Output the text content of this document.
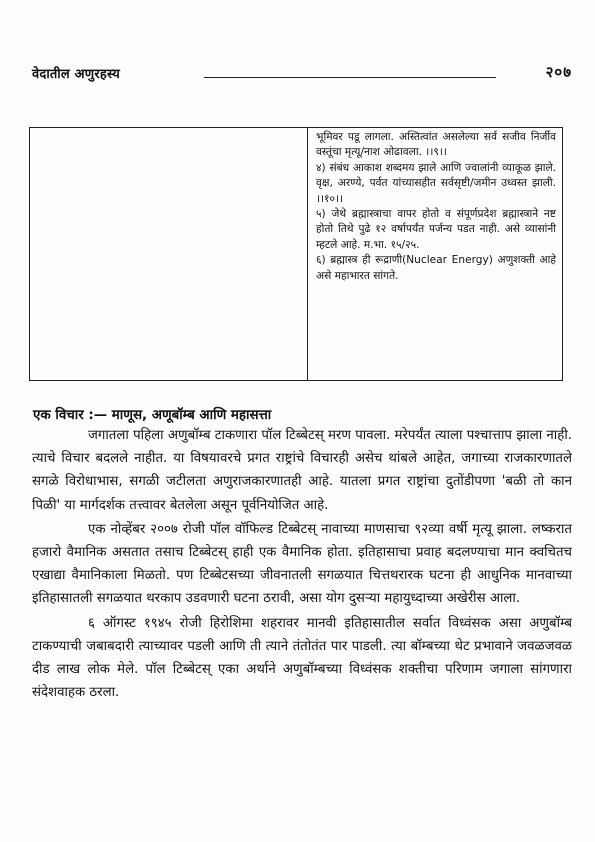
वेदातील अणुरहस्य	२०७

भूमिवर पडू लागला. अस्तित्वांत असलेल्या सर्व सजीव निर्जीव वस्तूंचा मृत्यू/नाश ओढावला. ।।९।।

४) संबंध आकाश शब्दमय झाले आणि ज्वालांनी व्याकूळ झाले. वृक्ष, अरण्ये, पर्वत यांच्यासहीत सर्वसृष्टी/जमीन उध्वस्त झाली. ।।१०।।

५) जेथे ब्रह्मास्त्राचा वापर होतो व संपूर्णप्रदेश ब्रह्मास्त्राने नष्ट होतो तिथे पुढे १२ वर्षापर्यंत पर्जन्य पडत नाही. असे व्यासांनी म्हटले आहे. म.भा. १५/२५.

६) ब्रह्मास्त्र ही रूद्राणी(Nuclear Energy) अणुशक्ती आहे असे महाभारत सांगते.

एक विचार :— माणूस, अणूबॉम्ब आणि महासत्ता

जगातला पहिला अणुबॉम्ब टाकणारा पॉल टिब्बेटस् मरण पावला. मरेपर्यंत त्याला पश्चात्ताप झाला नाही. त्याचे विचार बदलले नाहीत. या विषयावरचे प्रगत राष्ट्रांचे विचारही असेच थांबले आहेत, जगाच्या राजकारणातले सगळे विरोधाभास, सगळी जटीलता अणुराजकारणातही आहे. यातला प्रगत राष्ट्रांचा दुतोंडीपणा 'बळी तो कान पिळी' या मार्गदर्शक तत्त्वावर बेतलेला असून पूर्वनियोजित आहे.

एक नोव्हेंबर २००७ रोजी पॉल वॉफिल्ड टिब्बेटस् नावाच्या माणसाचा ९२व्या वर्षी मृत्यू झाला. लष्करात हजारो वैमानिक असतात तसाच टिब्बेटस् हाही एक वैमानिक होता. इतिहासाचा प्रवाह बदलण्याचा मान क्वचितच एखाद्या वैमानिकाला मिळतो. पण टिब्बेटसच्या जीवनातली सगळयात चित्तथरारक घटना ही आधुनिक मानवाच्या इतिहासातली सगळयात थरकाप उडवणारी घटना ठरावी, असा योग दुसऱ्या महायुध्दाच्या अखेरीस आला.

६ ऑगस्ट १९४५ रोजी हिरोशिमा शहरावर मानवी इतिहासातील सर्वात विध्वंसक असा अणुबॉम्ब टाकण्याची जबाबदारी त्याच्यावर पडली आणि ती त्याने तंतोतंत पार पाडली. त्या बॉम्बच्या थेट प्रभावाने जवळजवळ दीड लाख लोक मेले. पॉल टिब्बेटस् एका अर्थाने अणुबॉम्बच्या विध्वंसक शक्तीचा परिणाम जगाला सांगणारा संदेशवाहक ठरला.
